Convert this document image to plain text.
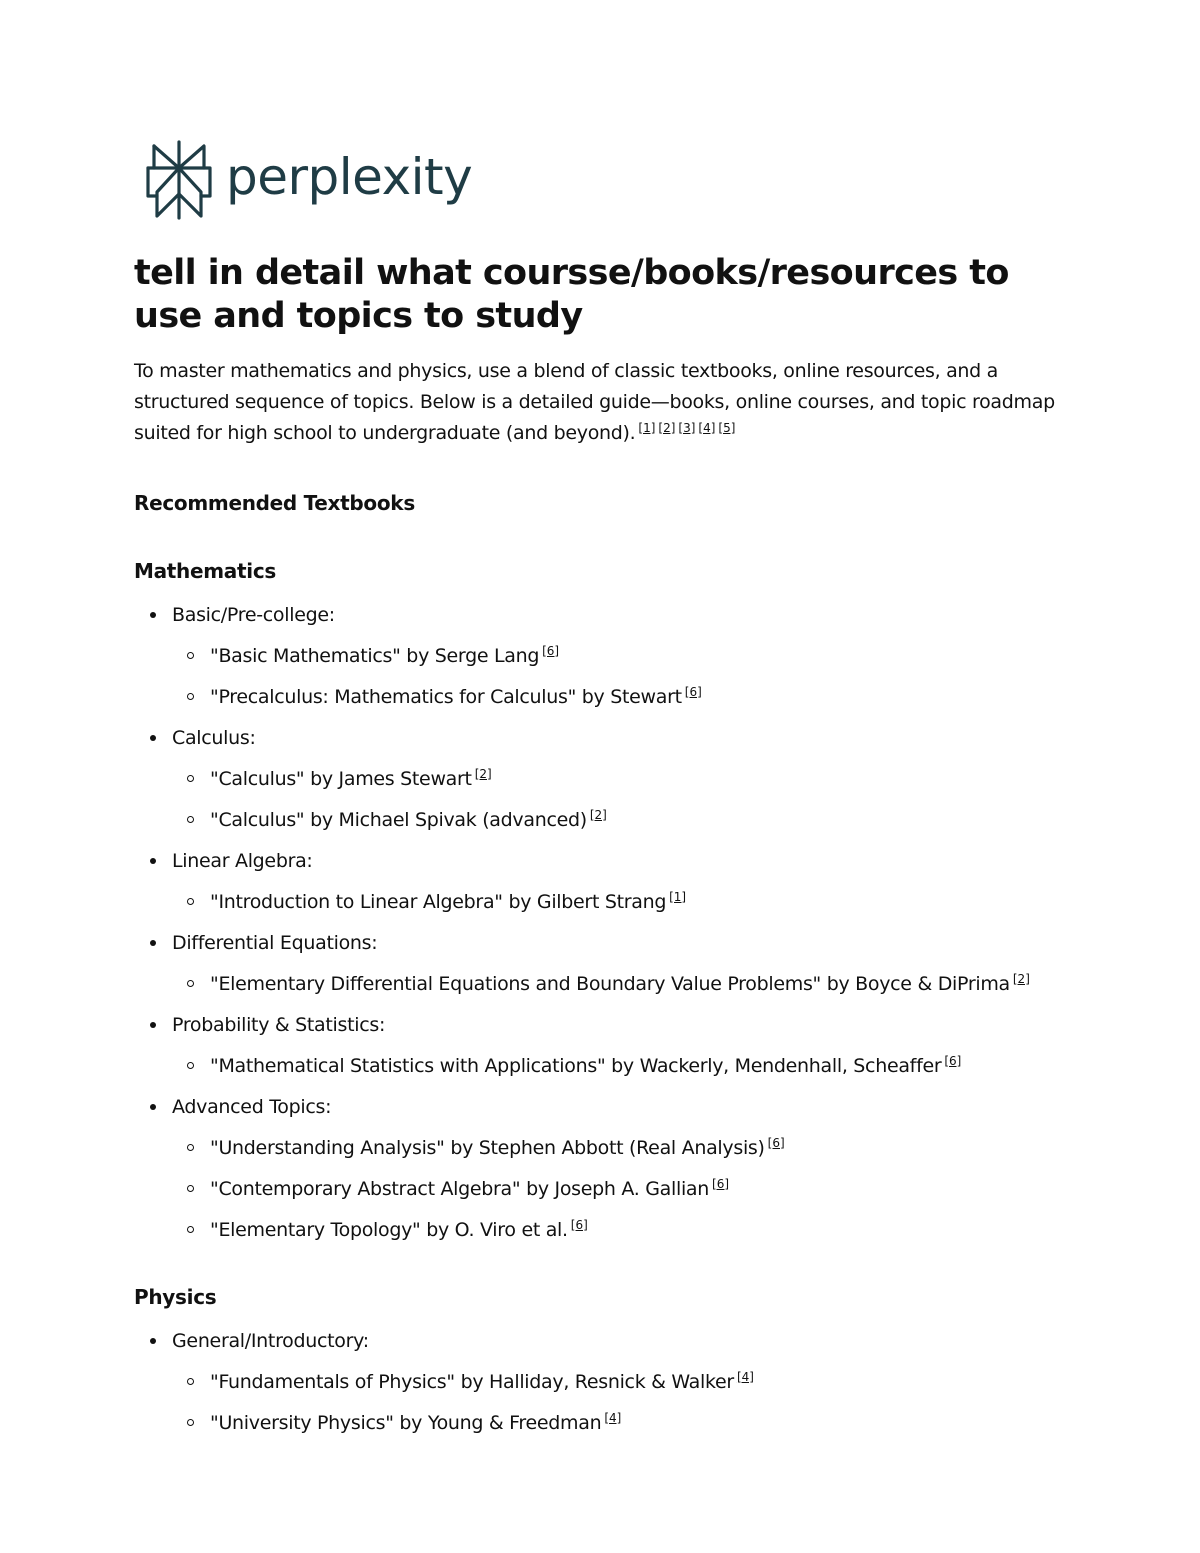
perplexity
tell in detail what coursse/books/resources to use and topics to study

To master mathematics and physics, use a blend of classic textbooks, online resources, and a structured sequence of topics. Below is a detailed guide—books, online courses, and topic roadmap suited for high school to undergraduate (and beyond). [1] [2] [3] [4] [5]

Recommended Textbooks
Mathematics
Basic/Pre-college:
"Basic Mathematics" by Serge Lang [6]
"Precalculus: Mathematics for Calculus" by Stewart [6]
Calculus:
"Calculus" by James Stewart [2]
"Calculus" by Michael Spivak (advanced) [2]
Linear Algebra:
"Introduction to Linear Algebra" by Gilbert Strang [1]
Differential Equations:
"Elementary Differential Equations and Boundary Value Problems" by Boyce & DiPrima [2]
Probability & Statistics:
"Mathematical Statistics with Applications" by Wackerly, Mendenhall, Scheaffer [6]
Advanced Topics:
"Understanding Analysis" by Stephen Abbott (Real Analysis) [6]
"Contemporary Abstract Algebra" by Joseph A. Gallian [6]
"Elementary Topology" by O. Viro et al. [6]
Physics
General/Introductory:
"Fundamentals of Physics" by Halliday, Resnick & Walker [4]
"University Physics" by Young & Freedman [4]
